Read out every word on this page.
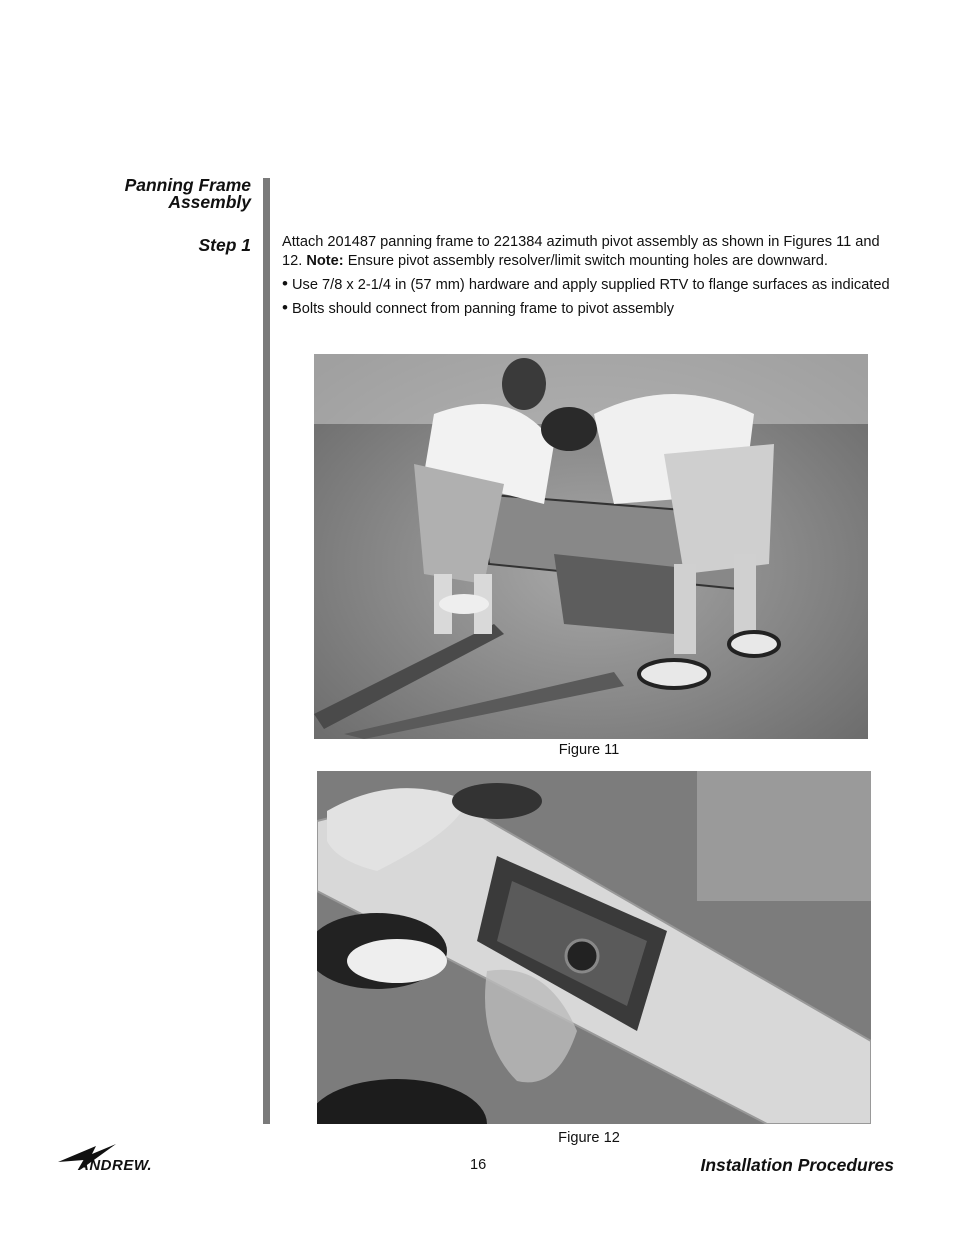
Panning Frame
Assembly
Step 1 Attach 201487 panning frame to 221384 azimuth pivot assembly as shown in Figures 11 and 12. Note: Ensure pivot assembly resolver/limit switch mounting holes are downward.

• Use 7/8 x 2-1/4 in (57 mm) hardware and apply supplied RTV to flange surfaces as indicated

• Bolts should connect from panning frame to pivot assembly

Figure 11
Figure 12
ANDREW.	16	Installation Procedures
